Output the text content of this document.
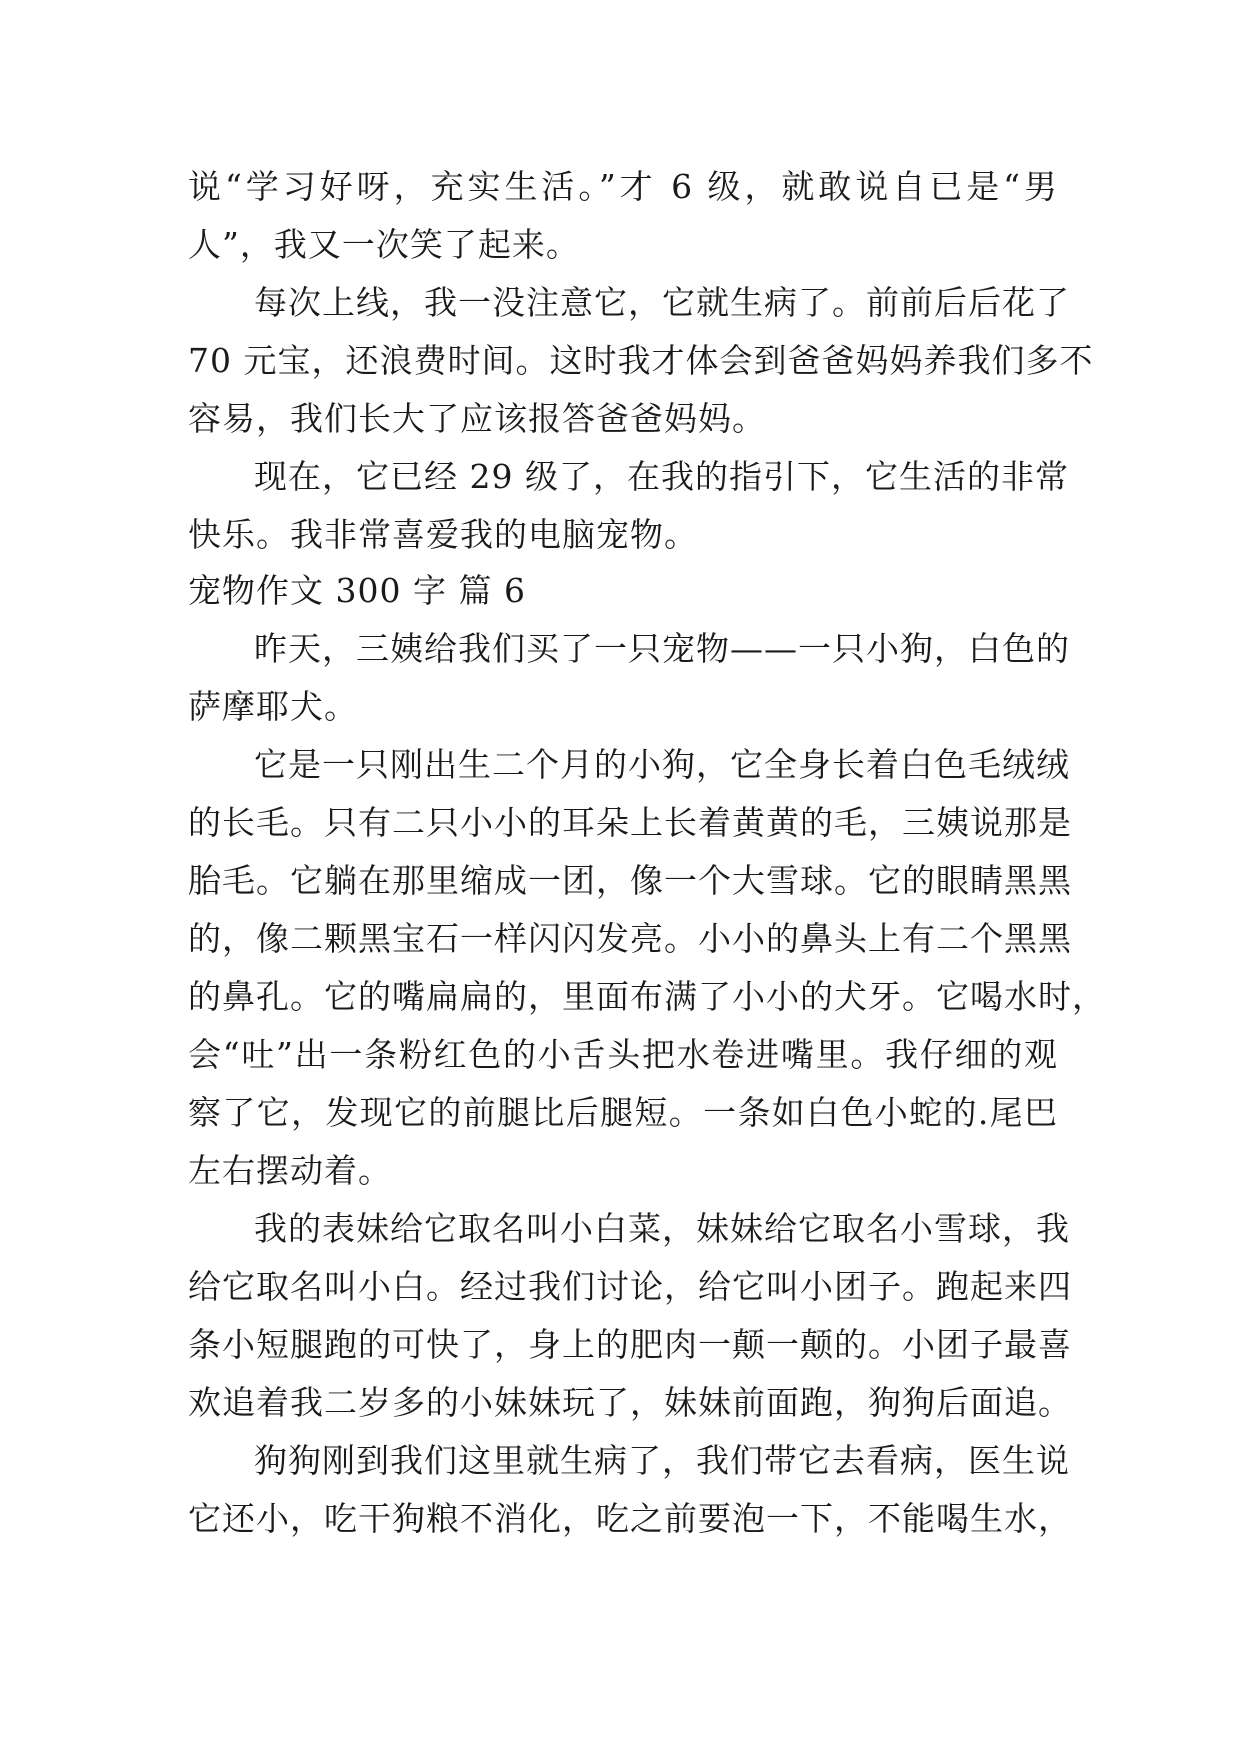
说“学习好呀，充实生活。”才 6 级，就敢说自已是“男
人”，我又一次笑了起来。
每次上线，我一没注意它，它就生病了。前前后后花了
70 元宝，还浪费时间。这时我才体会到爸爸妈妈养我们多不
容易，我们长大了应该报答爸爸妈妈。
现在，它已经 29 级了，在我的指引下，它生活的非常
快乐。我非常喜爱我的电脑宠物。
宠物作文 300 字 篇 6
昨天，三姨给我们买了一只宠物——一只小狗，白色的
萨摩耶犬。
它是一只刚出生二个月的小狗，它全身长着白色毛绒绒
的长毛。只有二只小小的耳朵上长着黄黄的毛，三姨说那是
胎毛。它躺在那里缩成一团，像一个大雪球。它的眼睛黑黑
的，像二颗黑宝石一样闪闪发亮。小小的鼻头上有二个黑黑
的鼻孔。它的嘴扁扁的，里面布满了小小的犬牙。它喝水时，
会“吐”出一条粉红色的小舌头把水卷进嘴里。我仔细的观
察了它，发现它的前腿比后腿短。一条如白色小蛇的.尾巴
左右摆动着。
我的表妹给它取名叫小白菜，妹妹给它取名小雪球，我
给它取名叫小白。经过我们讨论，给它叫小团子。跑起来四
条小短腿跑的可快了，身上的肥肉一颠一颠的。小团子最喜
欢追着我二岁多的小妹妹玩了，妹妹前面跑，狗狗后面追。
狗狗刚到我们这里就生病了，我们带它去看病，医生说
它还小，吃干狗粮不消化，吃之前要泡一下，不能喝生水，
